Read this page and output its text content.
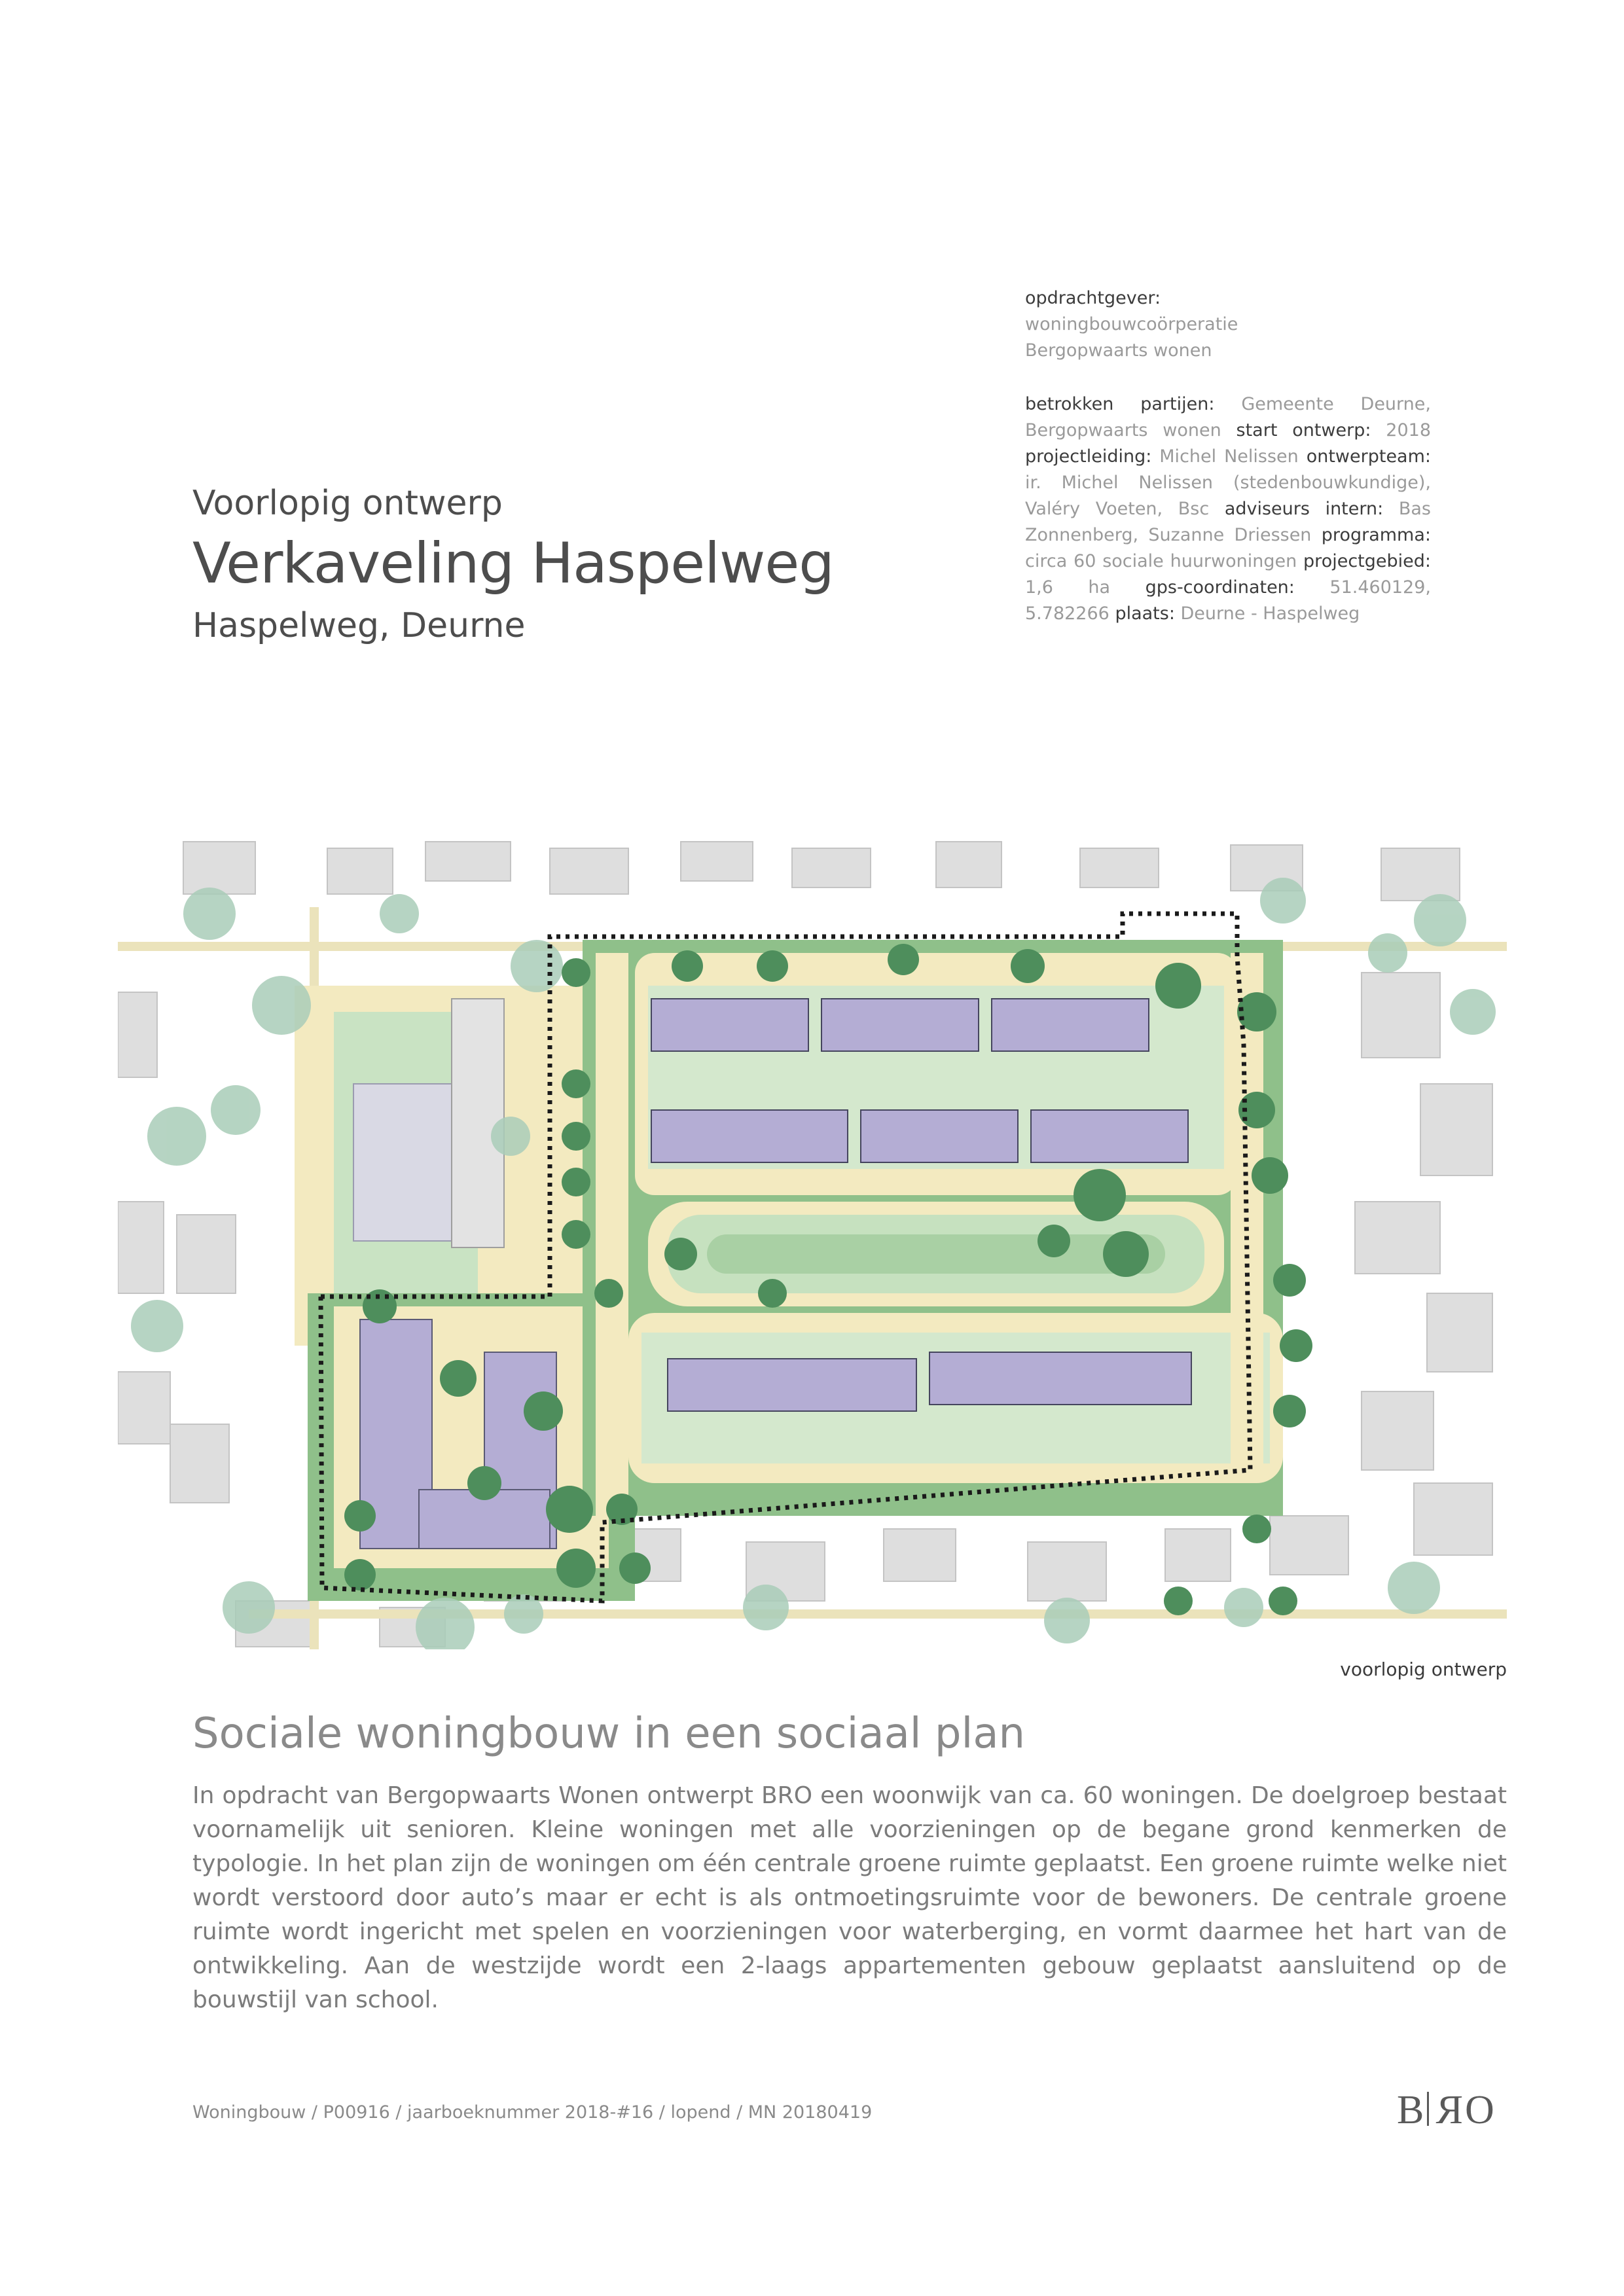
opdrachtgever:
woningbouwcoörperatie
Bergopwaarts wonen

betrokken partijen: Gemeente Deurne, Bergopwaarts wonen start ontwerp: 2018 projectleiding: Michel Nelissen ontwerpteam: ir. Michel Nelissen (stedenbouwkundige), Valéry Voeten, Bsc adviseurs intern: Bas Zonnenberg, Suzanne Driessen programma: circa 60 sociale huurwoningen projectgebied: 1,6 ha gps-coordinaten: 51.460129, 5.782266 plaats: Deurne - Haspelweg

Voorlopig ontwerp
Verkaveling Haspelweg
Haspelweg, Deurne
voorlopig ontwerp
Sociale woningbouw in een sociaal plan

In opdracht van Bergopwaarts Wonen ontwerpt BRO een woonwijk van ca. 60 woningen. De doelgroep bestaat voornamelijk uit senioren. Kleine woningen met alle voorzieningen op de begane grond kenmerken de typologie. In het plan zijn de woningen om één centrale groene ruimte geplaatst. Een groene ruimte welke niet wordt verstoord door auto’s maar er echt is als ontmoetingsruimte voor de bewoners. De centrale groene ruimte wordt ingericht met spelen en voorzieningen voor waterberging, en vormt daarmee het hart van de ontwikkeling. Aan de westzijde wordt een 2-laags appartementen gebouw geplaatst aansluitend op de bouwstijl van school.

Woningbouw / P00916 / jaarboeknummer 2018-#16 / lopend / MN 20180419	B R O
